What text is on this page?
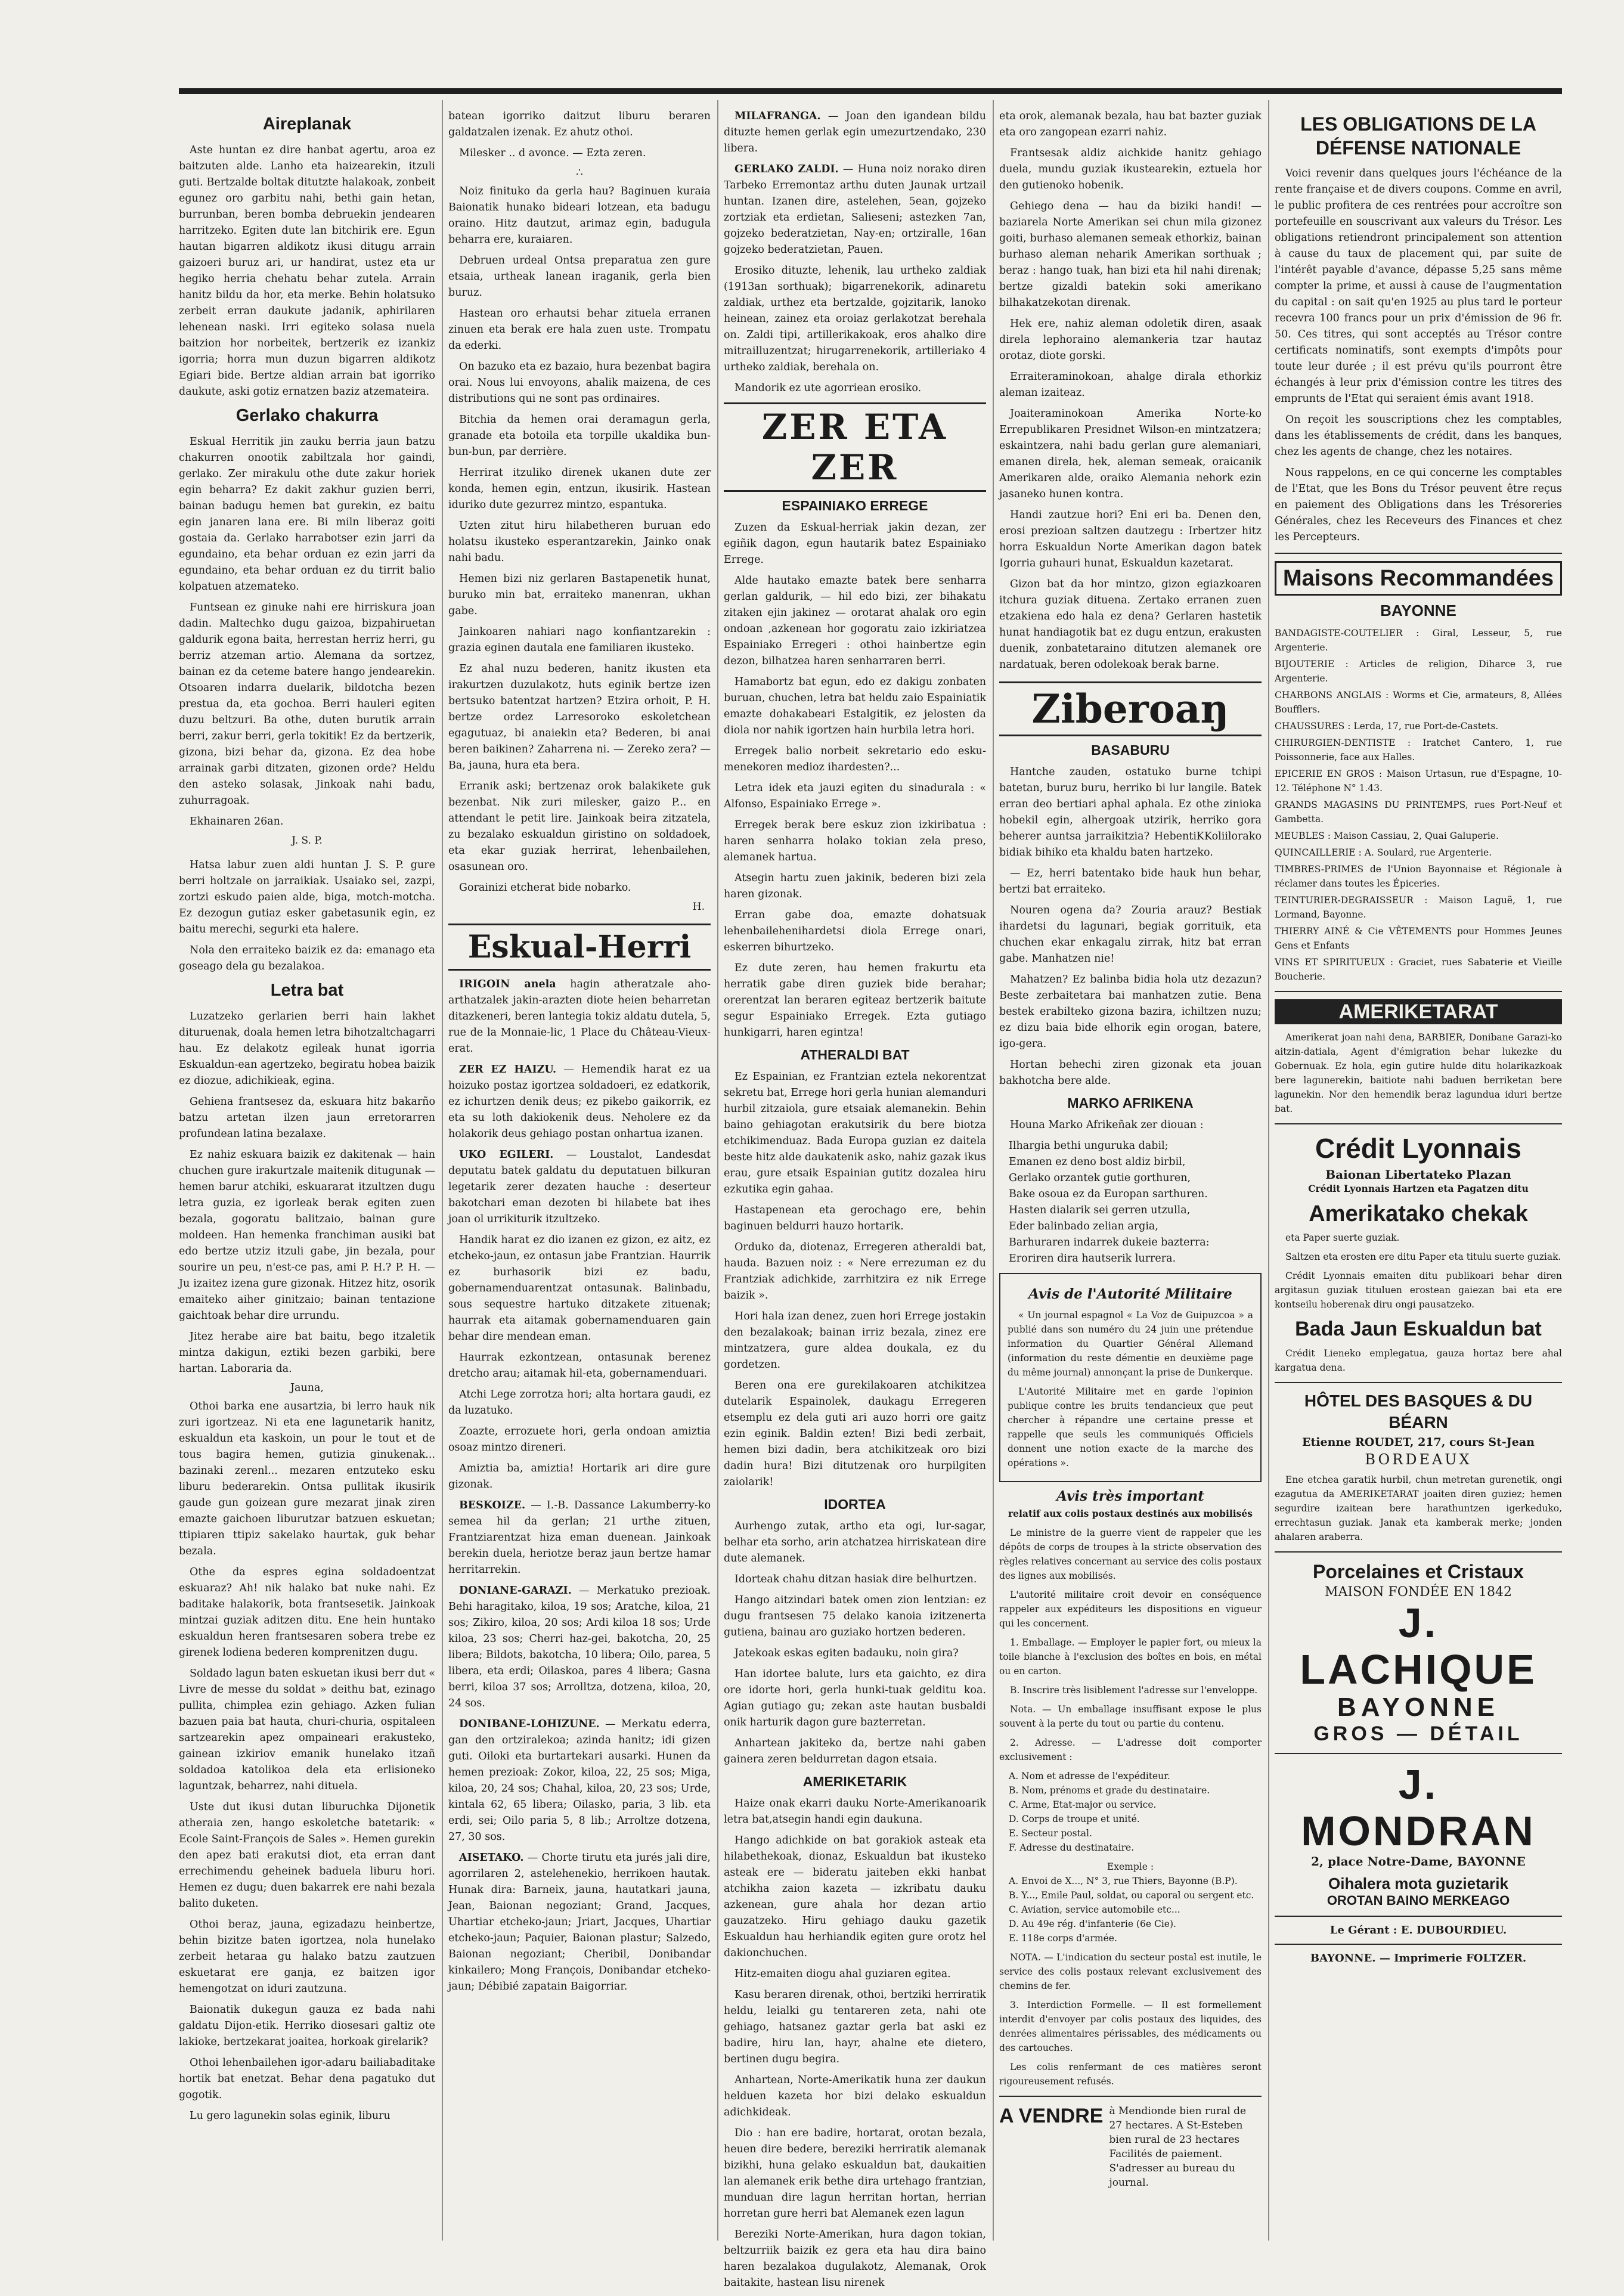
Aireplanak

Aste huntan ez dire hanbat agertu, aroa ez baitzuten alde. Lanho eta haizearekin, itzuli guti. Bertzalde boltak ditutzte halakoak, zonbeit egunez oro garbitu nahi, bethi gain hetan, burrunban, beren bomba debruekin jendearen harritzeko. Egiten dute lan bitchirik ere. Egun hautan bigarren aldikotz ikusi ditugu arrain gaizoeri buruz ari, ur handirat, ustez eta ur hegiko herria chehatu behar zutela. Arrain hanitz bildu da hor, eta merke. Behin holatsuko zerbeit erran daukute jadanik, aphirilaren lehenean naski. Irri egiteko solasa nuela baitzion hor norbeitek, bertzerik ez izankiz igorria; horra mun duzun bigarren aldikotz Egiari bide. Bertze aldian arrain bat igorriko daukute, aski gotiz ernatzen baziz atzemateira.

Gerlako chakurra

Eskual Herritik jin zauku berria jaun batzu chakurren onootik zabiltzala hor gaindi, gerlako. Zer mirakulu othe dute zakur horiek egin beharra? Ez dakit zakhur guzien berri, bainan badugu hemen bat gurekin, ez baitu egin janaren lana ere. Bi miln liberaz goiti gostaia da. Gerlako harrabotser ezin jarri da egundaino, eta behar orduan ez ezin jarri da egundaino, eta behar orduan ez du tirrit balio kolpatuen atzemateko.

Funtsean ez ginuke nahi ere hirriskura joan dadin. Maltechko dugu gaizoa, bizpahiruetan galdurik egona baita, herrestan herriz herri, gu berriz atzeman artio. Alemana da sortzez, bainan ez da ceteme batere hango jendearekin. Otsoaren indarra duelarik, bildotcha bezen prestua da, eta gochoa. Berri hauleri egiten duzu beltzuri. Ba othe, duten burutik arrain berri, zakur berri, gerla tokitik! Ez da bertzerik, gizona, bizi behar da, gizona. Ez dea hobe arrainak garbi ditzaten, gizonen orde? Heldu den asteko solasak, Jinkoak nahi badu, zuhurragoak.

Ekhainaren 26an.

J. S. P.

Hatsa labur zuen aldi huntan J. S. P. gure berri holtzale on jarraikiak. Usaiako sei, zazpi, zortzi eskudo paien alde, biga, motch-motcha. Ez dezogun gutiaz esker gabetasunik egin, ez baitu merechi, segurki eta halere.

Nola den erraiteko baizik ez da: emanago eta goseago dela gu bezalakoa.

Letra bat

Luzatzeko gerlarien berri hain lakhet dituruenak, doala hemen letra bihotzaltchagarri hau. Ez delakotz egileak hunat igorria Eskualdun-ean agertzeko, begiratu hobea baizik ez diozue, adichikieak, egina.

Gehiena frantsesez da, eskuara hitz bakarño batzu artetan ilzen jaun erretorarren profundean latina bezalaxe.

Ez nahiz eskuara baizik ez dakitenak — hain chuchen gure irakurtzale maitenik ditugunak — hemen barur atchiki, eskuararat itzultzen dugu letra guzia, ez igorleak berak egiten zuen bezala, gogoratu balitzaio, bainan gure moldeen. Han hemenka franchiman ausiki bat edo bertze utziz itzuli gabe, jin bezala, pour sourire un peu, n'est-ce pas, ami P. H.? P. H. — Ju izaitez izena gure gizonak. Hitzez hitz, osorik emaiteko aiher ginitzaio; bainan tentazione gaichtoak behar dire urrundu.

Jitez herabe aire bat baitu, bego itzaletik mintza dakigun, eztiki bezen garbiki, bere hartan. Laboraria da.

Jauna,

Othoi barka ene ausartzia, bi lerro hauk nik zuri igortzeaz. Ni eta ene lagunetarik hanitz, eskualdun eta kaskoin, un pour le tout et de tous bagira hemen, gutizia ginukenak... bazinaki zerenl... mezaren entzuteko esku liburu bederarekin. Ontsa pullitak ikusirik gaude gun goizean gure mezarat jinak ziren emazte gaichoen liburutzar batzuen eskuetan; ttipiaren ttipiz sakelako haurtak, guk behar bezala.

Othe da espres egina soldadoentzat eskuaraz? Ah! nik halako bat nuke nahi. Ez baditake halakorik, bota frantsesetik. Jainkoak mintzai guziak aditzen ditu. Ene hein huntako eskualdun heren frantsesaren sobera trebe ez girenek lodiena bederen komprenitzen dugu.

Soldado lagun baten eskuetan ikusi berr dut « Livre de messe du soldat » deithu bat, ezinago pullita, chimplea ezin gehiago. Azken fulian bazuen paia bat hauta, churi-churia, ospitaleen sartzearekin apez ompaineari erakusteko, gainean izkiriov emanik hunelako itzañ soldadoa katolikoa dela eta erlisioneko laguntzak, beharrez, nahi dituela.

Uste dut ikusi dutan liburuchka Dijonetik atheraia zen, hango eskoletche batetarik: « Ecole Saint-François de Sales ». Hemen gurekin den apez bati erakutsi diot, eta erran dant errechimendu geheinek baduela liburu hori. Hemen ez dugu; duen bakarrek ere nahi bezala balito duketen.

Othoi beraz, jauna, egizadazu heinbertze, behin bizitze baten igortzea, nola hunelako zerbeit hetaraa gu halako batzu zautzuen eskuetarat ere ganja, ez baitzen igor hemengotzat on iduri zautzuna.

Baionatik dukegun gauza ez bada nahi galdatu Dijon-etik. Herriko diosesari galtiz ote lakioke, bertzekarat joaitea, horkoak girelarik?

Othoi lehenbailehen igor-adaru bailiabaditake hortik bat enetzat. Behar dena pagatuko dut gogotik.

Lu gero lagunekin solas eginik, liburu

batean igorriko daitzut liburu beraren galdatzalen izenak. Ez ahutz othoi.

Milesker .. d avonce. — Ezta zeren.

∴

Noiz finituko da gerla hau? Baginuen kuraia Baionatik hunako bideari lotzean, eta badugu oraino. Hitz dautzut, arimaz egin, badugula beharra ere, kuraiaren.

Debruen urdeal Ontsa preparatua zen gure etsaia, urtheak lanean iraganik, gerla bien buruz.

Hastean oro erhautsi behar zituela erranen zinuen eta berak ere hala zuen uste. Trompatu da ederki.

On bazuko eta ez bazaio, hura bezenbat bagira orai. Nous lui envoyons, ahalik maizena, de ces distributions qui ne sont pas ordinaires.

Bitchia da hemen orai deramagun gerla, granade eta botoila eta torpille ukaldika bun-bun-bun, par derrière.

Herrirat itzuliko direnek ukanen dute zer konda, hemen egin, entzun, ikusirik. Hastean iduriko dute gezurrez mintzo, espantuka.

Uzten zitut hiru hilabetheren buruan edo holatsu ikusteko esperantzarekin, Jainko onak nahi badu.

Hemen bizi niz gerlaren Bastapenetik hunat, buruko min bat, erraiteko manenran, ukhan gabe.

Jainkoaren nahiari nago konfiantzarekin : grazia eginen dautala ene familiaren ikusteko.

Ez ahal nuzu bederen, hanitz ikusten eta irakurtzen duzulakotz, huts eginik bertze izen bertsuko batentzat hartzen? Etzira orhoit, P. H. bertze ordez Larresoroko eskoletchean egagutuaz, bi anaiekin eta? Bederen, bi anai beren baikinen? Zaharrena ni. — Zereko zera? — Ba, jauna, hura eta bera.

Erranik aski; bertzenaz orok balakikete guk bezenbat. Nik zuri milesker, gaizo P... en attendant le petit lire. Jainkoak beira zitzatela, zu bezalako eskualdun giristino on soldadoek, eta ekar guziak herrirat, lehenbailehen, osasunean oro.

Gorainizi etcherat bide nobarko.

H.
Eskual-Herri

IRIGOIN anela hagin atheratzale aho-arthatzalek jakin-arazten diote heien beharretan ditazkeneri, beren lantegia tokiz aldatu dutela, 5, rue de la Monnaie-lic, 1 Place du Château-Vieux-erat.

ZER EZ HAIZU. — Hemendik harat ez ua hoizuko postaz igortzea soldadoeri, ez edatkorik, ez ichurtzen denik deus; ez pikebo gaikorrik, ez eta su loth dakiokenik deus. Neholere ez da holakorik deus gehiago postan onhartua izanen.

UKO EGILERI. — Loustalot, Landesdat deputatu batek galdatu du deputatuen bilkuran legetarik zerer dezaten hauche : deserteur bakotchari eman dezoten bi hilabete bat ihes joan ol urrikiturik itzultzeko.

Handik harat ez dio izanen ez gizon, ez aitz, ez etcheko-jaun, ez ontasun jabe Frantzian. Haurrik ez burhasorik bizi ez badu, gobernamenduarentzat ontasunak. Balinbadu, sous sequestre hartuko ditzakete zituenak; haurrak eta aitamak gobernamenduaren gain behar dire mendean eman.

Haurrak ezkontzean, ontasunak berenez dretcho arau; aitamak hil-eta, gobernamenduari.

Atchi Lege zorrotza hori; alta hortara gaudi, ez da luzatuko.

Zoazte, errozuete hori, gerla ondoan amiztia osoaz mintzo direneri.

Amiztia ba, amiztia! Hortarik ari dire gure gizonak.

BESKOIZE. — I.-B. Dassance Lakumberry-ko semea hil da gerlan; 21 urthe zituen, Frantziarentzat hiza eman duenean. Jainkoak berekin duela, heriotze beraz jaun bertze hamar herritarrekin.

DONIANE-GARAZI. — Merkatuko prezioak. Behi haragitako, kiloa, 19 sos; Aratche, kiloa, 21 sos; Zikiro, kiloa, 20 sos; Ardi kiloa 18 sos; Urde kiloa, 23 sos; Cherri haz-gei, bakotcha, 20, 25 libera; Bildots, bakotcha, 10 libera; Oilo, parea, 5 libera, eta erdi; Oilaskoa, pares 4 libera; Gasna berri, kiloa 37 sos; Arrolltza, dotzena, kiloa, 20, 24 sos.

DONIBANE-LOHIZUNE. — Merkatu ederra, gan den ortziralekoa; azinda hanitz; idi gizen guti. Oiloki eta burtartekari ausarki. Hunen da hemen prezioak: Zokor, kiloa, 22, 25 sos; Miga, kiloa, 20, 24 sos; Chahal, kiloa, 20, 23 sos; Urde, kintala 62, 65 libera; Oilasko, paria, 3 lib. eta erdi, sei; Oilo paria 5, 8 lib.; Arroltze dotzena, 27, 30 sos.

AISETAKO. — Chorte tirutu eta jurés jali dire, agorrilaren 2, astelehenekio, herrikoen hautak. Hunak dira: Barneix, jauna, hautatkari jauna, Jean, Baionan negoziant; Grand, Jacques, Uhartiar etcheko-jaun; Jriart, Jacques, Uhartiar etcheko-jaun; Paquier, Baionan plastur; Salzedo, Baionan negoziant; Cheribil, Donibandar kinkailero; Mong François, Donibandar etcheko-jaun; Débibié zapatain Baigorriar.

MILAFRANGA. — Joan den igandean bildu dituzte hemen gerlak egin umezurtzendako, 230 libera.

GERLAKO ZALDI. — Huna noiz norako diren Tarbeko Erremontaz arthu duten Jaunak urtzail huntan. Izanen dire, astelehen, 5ean, gojzeko zortziak eta erdietan, Salieseni; astezken 7an, gojzeko bederatzietan, Nay-en; ortziralle, 16an gojzeko bederatzietan, Pauen.

Erosiko dituzte, lehenik, lau urtheko zaldiak (1913an sorthuak); bigarrenekorik, adinaretu zaldiak, urthez eta bertzalde, gojzitarik, lanoko heinean, zainez eta oroiaz gerlakotzat berehala on. Zaldi tipi, artillerikakoak, eros ahalko dire mitrailluzentzat; hirugarrenekorik, artilleriako 4 urtheko zaldiak, berehala on.

Mandorik ez ute agorriean erosiko.

ZER ETA ZER
ESPAINIAKO ERREGE

Zuzen da Eskual-herriak jakin dezan, zer egiñik dagon, egun hautarik batez Espainiako Errege.

Alde hautako emazte batek bere senharra gerlan galdurik, — hil edo bizi, zer bihakatu zitaken ejin jakinez — orotarat ahalak oro egin ondoan ,azkenean hor gogoratu zaio izkiriatzea Espainiako Erregeri : othoi hainbertze egin dezon, bilhatzea haren senharraren berri.

Hamabortz bat egun, edo ez dakigu zonbaten buruan, chuchen, letra bat heldu zaio Espainiatik emazte dohakabeari Estalgitik, ez jelosten da diola nor nahik igortzen hain hurbila letra hori.

Erregek balio norbeit sekretario edo esku-menekoren medioz ihardesten?...

Letra idek eta jauzi egiten du sinadurala : « Alfonso, Espainiako Errege ».

Erregek berak bere eskuz zion izkiribatua : haren senharra holako tokian zela preso, alemanek hartua.

Atsegin hartu zuen jakinik, bederen bizi zela haren gizonak.

Erran gabe doa, emazte dohatsuak lehenbailehenihardetsi diola Errege onari, eskerren bihurtzeko.

Ez dute zeren, hau hemen frakurtu eta herratik gabe diren guziek bide berahar; orerentzat lan beraren egiteaz bertzerik baitute segur Espainiako Erregek. Ezta gutiago hunkigarri, haren egintza!

ATHERALDI BAT

Ez Espainian, ez Frantzian eztela nekorentzat sekretu bat, Errege hori gerla hunian alemanduri hurbil zitzaiola, gure etsaiak alemanekin. Behin baino gehiagotan erakutsirik du bere biotza etchikimenduaz. Bada Europa guzian ez daitela beste hitz alde daukatenik asko, nahiz gazak ikus erau, gure etsaik Espainian gutitz dozalea hiru ezkutika egin gahaa.

Hastapenean eta gerochago ere, behin baginuen beldurri hauzo hortarik.

Orduko da, diotenaz, Erregeren atheraldi bat, hauda. Bazuen noiz : « Nere errezuman ez du Frantziak adichkide, zarrhitzira ez nik Errege baizik ».

Hori hala izan denez, zuen hori Errege jostakin den bezalakoak; bainan irriz bezala, zinez ere mintzatzera, gure aldea doukala, ez du gordetzen.

Beren ona ere gurekilakoaren atchikitzea dutelarik Espainolek, daukagu Erregeren etsemplu ez dela guti ari auzo horri ore gaitz ezin eginik. Baldin ezten! Bizi bedi zerbait, hemen bizi dadin, bera atchikitzeak oro bizi dadin hura! Bizi ditutzenak oro hurpilgiten zaiolarik!

IDORTEA

Aurhengo zutak, artho eta ogi, lur-sagar, belhar eta sorho, arin atchatzea hirriskatean dire dute alemanek.

Idorteak chahu ditzan hasiak dire belhurtzen.

Hango aitzindari batek omen zion lentzian: ez dugu frantsesen 75 delako kanoia izitzenerta gutiena, bainau aro guziako hortzen bederen.

Jatekoak eskas egiten badauku, noin gira?

Han idortee balute, lurs eta gaichto, ez dira ore idorte hori, gerla hunki-tuak gelditu koa. Agian gutiago gu; zekan aste hautan busbaldi onik harturik dagon gure bazterretan.

Anhartean jakiteko da, bertze nahi gaben gainera zeren beldurretan dagon etsaia.

AMERIKETARIK

Haize onak ekarri dauku Norte-Amerikanoarik letra bat,atsegin handi egin daukuna.

Hango adichkide on bat gorakiok asteak eta hilabethekoak, dionaz, Eskualdun bat ikusteko asteak ere — bideratu jaiteben ekki hanbat atchikha zaion kazeta — izkribatu dauku azkenean, gure ahala hor dezan artio gauzatzeko. Hiru gehiago dauku gazetik Eskualdun hau herhiandik egiten gure orotz hel dakionchuchen.

Hitz-emaiten diogu ahal guziaren egitea.

Kasu beraren direnak, othoi, bertziki herriratik heldu, leialki gu tentareren zeta, nahi ote gehiago, hatsanez gaztar gerla bat aski ez badire, hiru lan, hayr, ahalne ete dietero, bertinen dugu begira.

Anhartean, Norte-Amerikatik huna zer daukun helduen kazeta hor bizi delako eskualdun adichkideak.

Dio : han ere badire, hortarat, orotan bezala, heuen dire bedere, bereziki herriratik alemanak bizikhi, huna gelako eskualdun bat, daukaitien lan alemanek erik bethe dira urtehago frantzian, munduan dire lagun herritan hortan, herrian horretan gure herri bat Alemanek ezen lagun

Bereziki Norte-Amerikan, hura dagon tokian, beltzurriik baizik ez gera eta hau dira baino haren bezalakoa dugulakotz, Alemanak, Orok baitakite, hastean lisu nirenek

eta orok, alemanak bezala, hau bat bazter guziak eta oro zangopean ezarri nahiz.

Frantsesak aldiz aichkide hanitz gehiago duela, mundu guziak ikustearekin, eztuela hor den gutienoko hobenik.

Gehiego dena — hau da biziki handi! — baziarela Norte Amerikan sei chun mila gizonez goiti, burhaso alemanen semeak ethorkiz, bainan burhaso aleman neharik Amerikan sorthuak ; beraz : hango tuak, han bizi eta hil nahi direnak; bertze gizaldi batekin soki amerikano bilhakatzekotan direnak.

Hek ere, nahiz aleman odoletik diren, asaak direla lephoraino alemankeria tzar hautaz orotaz, diote gorski.

Erraiteraminokoan, ahalge dirala ethorkiz aleman izaiteaz.

Joaiteraminokoan Amerika Norte-ko Errepublikaren Presidnet Wilson-en mintzatzera; eskaintzera, nahi badu gerlan gure alemaniari, emanen direla, hek, aleman semeak, oraicanik Amerikaren alde, oraiko Alemania nehork ezin jasaneko hunen kontra.

Handi zautzue hori? Eni eri ba. Denen den, erosi prezioan saltzen dautzegu : Irbertzer hitz horra Eskualdun Norte Amerikan dagon batek Igorria guhauri hunat, Eskualdun kazetarat.

Gizon bat da hor mintzo, gizon egiazkoaren itchura guziak dituena. Zertako erranen zuen etzakiena edo hala ez dena? Gerlaren hastetik hunat handiagotik bat ez dugu entzun, erakusten duenik, zonbatetaraino ditutzen alemanek ore nardatuak, beren odolekoak berak barne.

Ziberoaŋ
BASABURU

Hantche zauden, ostatuko burne tchipi batetan, buruz buru, herriko bi lur langile. Batek erran deo bertiari aphal aphala. Ez othe zinioka hobekil egin, alhergoak utzirik, herriko gora beherer auntsa jarraikitzia? HebentiKKoliilorako bidiak bihiko eta khaldu baten hartzeko.

— Ez, herri batentako bide hauk hun behar, bertzi bat erraiteko.

Nouren ogena da? Zouria arauz? Bestiak ihardetsi du lagunari, begiak gorrituik, eta chuchen ekar enkagalu zirrak, hitz bat erran gabe. Manhatzen nie!

Mahatzen? Ez balinba bidia hola utz dezazun? Beste zerbaitetara bai manhatzen zutie. Bena bestek erabilteko gizona bazira, ichiltzen nuzu; ez dizu baia bide elhorik egin orogan, batere, igo-gera.

Hortan behechi ziren gizonak eta jouan bakhotcha bere alde.

MARKO AFRIKENA

Houna Marko Afrikeñak zer diouan :

Ilhargia bethi unguruka dabil;
Emanen ez deno bost aldiz birbil,
Gerlako orzantek gutie gorthuren,
Bake osoua ez da Europan sarthuren.
Hasten dialarik sei gerren utzulla,
Eder balinbado zelian argia,
Barhuraren indarrek dukeie bazterra:
Eroriren dira hautserik lurrera.

Avis de l'Autorité Militaire

« Un journal espagnol « La Voz de Guipuzcoa » a publié dans son numéro du 24 juin une prétendue information du Quartier Général Allemand (information du reste démentie en deuxième page du même journal) annonçant la prise de Dunkerque.

L'Autorité Militaire met en garde l'opinion publique contre les bruits tendancieux que peut chercher à répandre une certaine presse et rappelle que seuls les communiqués Officiels donnent une notion exacte de la marche des opérations ».

Avis très important
relatif aux colis postaux destinés aux mobilisés

Le ministre de la guerre vient de rappeler que les dépôts de corps de troupes à la stricte observation des règles relatives concernant au service des colis postaux des lignes aux mobilisés.

L'autorité militaire croit devoir en conséquence rappeler aux expéditeurs les dispositions en vigueur qui les concernent.

1. Emballage. — Employer le papier fort, ou mieux la toile blanche à l'exclusion des boîtes en bois, en métal ou en carton.

B. Inscrire très lisiblement l'adresse sur l'enveloppe.

Nota. — Un emballage insuffisant expose le plus souvent à la perte du tout ou partie du contenu.

2. Adresse. — L'adresse doit comporter exclusivement :

A. Nom et adresse de l'expéditeur.
B. Nom, prénoms et grade du destinataire.
C. Arme, Etat-major ou service.
D. Corps de troupe et unité.
E. Secteur postal.
F. Adresse du destinataire.

Exemple :

A. Envoi de X..., N° 3, rue Thiers, Bayonne (B.P).
B. Y..., Emile Paul, soldat, ou caporal ou sergent etc.
C. Aviation, service automobile etc...
D. Au 49e rég. d'infanterie (6e Cie).
E. 118e corps d'armée.

NOTA. — L'indication du secteur postal est inutile, le service des colis postaux relevant exclusivement des chemins de fer.

3. Interdiction Formelle. — Il est formellement interdit d'envoyer par colis postaux des liquides, des denrées alimentaires périssables, des médicaments ou des cartouches.

Les colis renfermant de ces matières seront rigoureusement refusés.

A VENDRE à Mendionde bien rural de 27 hectares. A St-Esteben bien rural de 23 hectares Facilités de paiement. S'adresser au bureau du journal.
LES OBLIGATIONS DE LA DÉFENSE NATIONALE

Voici revenir dans quelques jours l'échéance de la rente française et de divers coupons. Comme en avril, le public profitera de ces rentrées pour accroître son portefeuille en souscrivant aux valeurs du Trésor. Les obligations retiendront principalement son attention à cause du taux de placement qui, par suite de l'intérêt payable d'avance, dépasse 5,25 sans même compter la prime, et aussi à cause de l'augmentation du capital : on sait qu'en 1925 au plus tard le porteur recevra 100 francs pour un prix d'émission de 96 fr. 50. Ces titres, qui sont acceptés au Trésor contre certificats nominatifs, sont exempts d'impôts pour toute leur durée ; il est prévu qu'ils pourront être échangés à leur prix d'émission contre les titres des emprunts de l'Etat qui seraient émis avant 1918.

On reçoit les souscriptions chez les comptables, dans les établissements de crédit, dans les banques, chez les agents de change, chez les notaires.

Nous rappelons, en ce qui concerne les comptables de l'Etat, que les Bons du Trésor peuvent être reçus en paiement des Obligations dans les Trésoreries Générales, chez les Receveurs des Finances et chez les Percepteurs.

Maisons Recommandées
BAYONNE

BANDAGISTE-COUTELIER : Giral, Lesseur, 5, rue Argenterie.

BIJOUTERIE : Articles de religion, Diharce 3, rue Argenterie.

CHARBONS ANGLAIS : Worms et Cie, armateurs, 8, Allées Boufflers.

CHAUSSURES : Lerda, 17, rue Port-de-Castets.

CHIRURGIEN-DENTISTE : Iratchet Cantero, 1, rue Poissonnerie, face aux Halles.

EPICERIE EN GROS : Maison Urtasun, rue d'Espagne, 10-12. Téléphone N° 1.43.

GRANDS MAGASINS DU PRINTEMPS, rues Port-Neuf et Gambetta.

MEUBLES : Maison Cassiau, 2, Quai Galuperie.

QUINCAILLERIE : A. Soulard, rue Argenterie.

TIMBRES-PRIMES de l'Union Bayonnaise et Régionale à réclamer dans toutes les Épiceries.

TEINTURIER-DEGRAISSEUR : Maison Laguë, 1, rue Lormand, Bayonne.

THIERRY AINÉ & Cie VÊTEMENTS pour Hommes Jeunes Gens et Enfants

VINS ET SPIRITUEUX : Graciet, rues Sabaterie et Vieille Boucherie.

AMERIKETARAT

Amerikerat joan nahi dena, BARBIER, Donibane Garazi-ko aitzin-datiala, Agent d'émigration behar lukezke du Gobernuak. Ez hola, egin gutire hulde ditu holarikazkoak bere lagunerekin, baitiote nahi baduen berriketan bere lagunekin. Nor den hemendik beraz lagundua iduri bertze bat.

Crédit Lyonnais
Baionan Libertateko Plazan
Crédit Lyonnais Hartzen eta Pagatzen ditu
Amerikatako chekak

eta Paper suerte guziak.

Saltzen eta erosten ere ditu Paper eta titulu suerte guziak.

Crédit Lyonnais emaiten ditu publikoari behar diren argitasun guziak tituluen erostean gaiezan bai eta ere kontseilu hoberenak diru ongi pausatzeko.

Bada Jaun Eskualdun bat

Crédit Lieneko emplegatua, gauza hortaz bere ahal kargatua dena.

HÔTEL DES BASQUES & DU BÉARN
Etienne ROUDET, 217, cours St-Jean
BORDEAUX

Ene etchea garatik hurbil, chun metretan gurenetik, ongi ezagutua da AMERIKETARAT joaiten diren guziez; hemen segurdire izaitean bere harathuntzen igerkeduko, errechtasun guziak. Janak eta kamberak merke; jonden ahalaren araberra.

Porcelaines et Cristaux
MAISON FONDÉE EN 1842
J. LACHIQUE
BAYONNE
GROS — DÉTAIL
J. MONDRAN
2, place Notre-Dame, BAYONNE
Oihalera mota guzietarik
OROTAN BAINO MERKEAGO
Le Gérant : E. DUBOURDIEU.
BAYONNE. — Imprimerie FOLTZER.
